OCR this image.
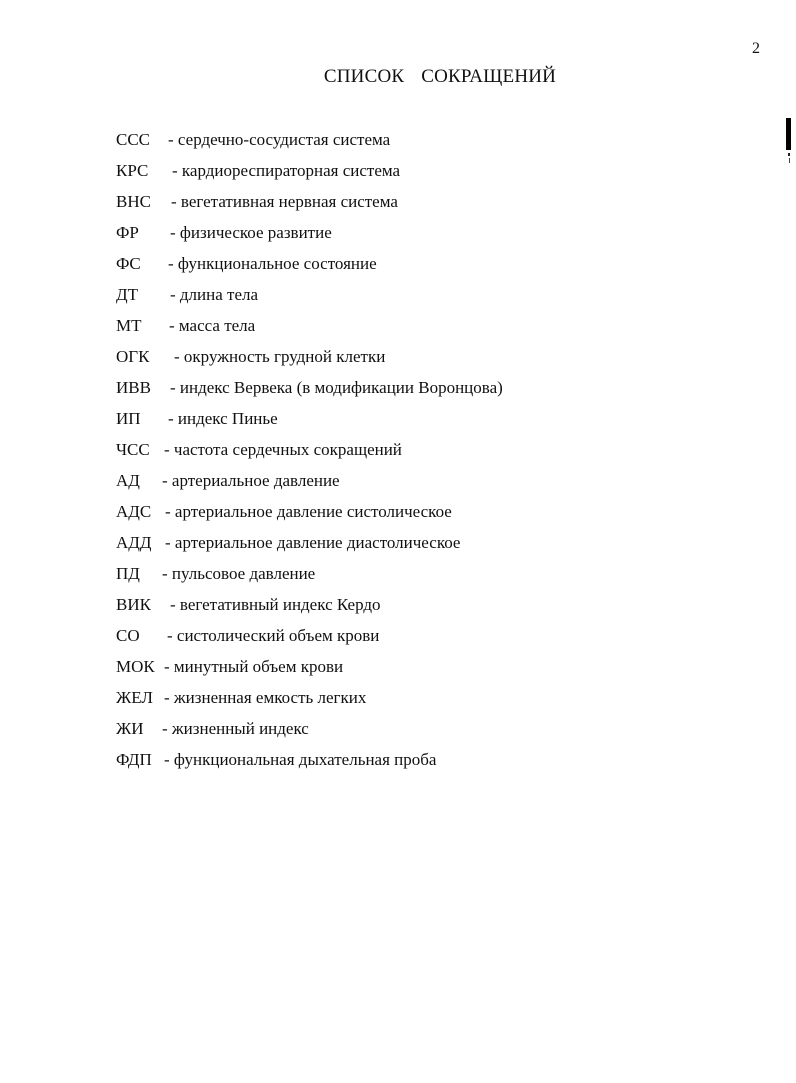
2
СПИСОК СОКРАЩЕНИЙ
ССС - сердечно-сосудистая система
КРС - кардиореспираторная система
ВНС - вегетативная нервная система
ФР - физическое развитие
ФС - функциональное состояние
ДТ - длина тела
МТ - масса тела
ОГК - окружность грудной клетки
ИВВ - индекс Вервека (в модификации Воронцова)
ИП - индекс Пинье
ЧСС - частота сердечных сокращений
АД - артериальное давление
АДС - артериальное давление систолическое
АДД - артериальное давление диастолическое
ПД - пульсовое давление
ВИК - вегетативный индекс Кердо
СО - систолический объем крови
МОК - минутный объем крови
ЖЕЛ - жизненная емкость легких
ЖИ - жизненный индекс
ФДП - функциональная дыхательная проба
